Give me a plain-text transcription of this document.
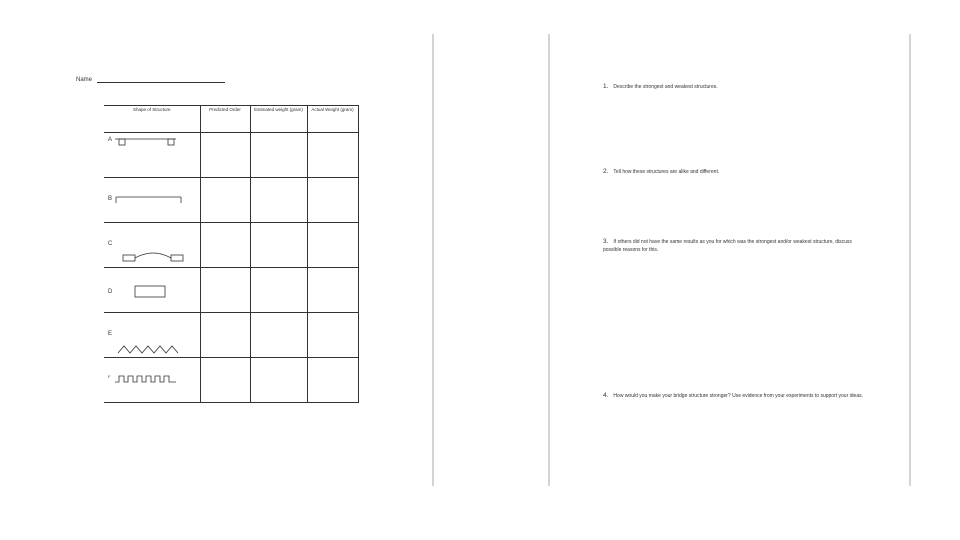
Name
Shape of Structure	Predicted Order	Estimated weight (gram)	Actual Weight (gram)

A			

B			

C			

D			

E			

F			

1. Describe the strongest and weakest structures.
2. Tell how these structures are alike and different.
3. If others did not have the same results as you for which was the strongest and/or weakest structure, discuss possible reasons for this.
4. How would you make your bridge structure stronger? Use evidence from your experiments to support your ideas.
